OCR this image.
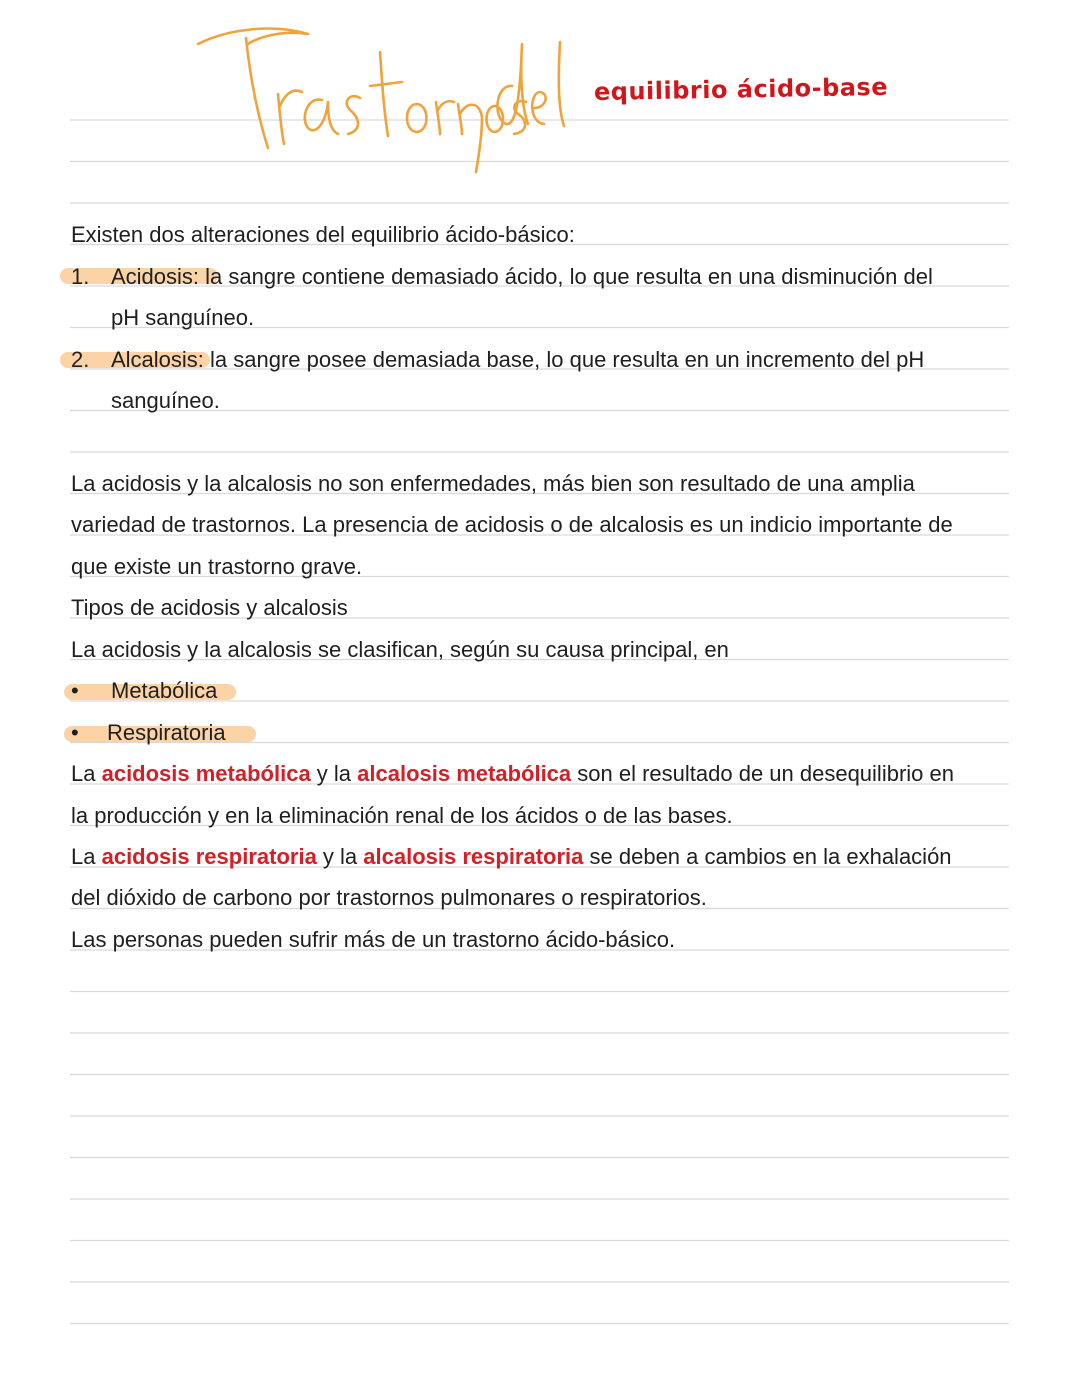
equilibrio ácido-base
Existen dos alteraciones del equilibrio ácido-básico:
1. Acidosis: la sangre contiene demasiado ácido, lo que resulta en una disminución del
pH sanguíneo.
2. Alcalosis: la sangre posee demasiada base, lo que resulta en un incremento del pH
sanguíneo.
La acidosis y la alcalosis no son enfermedades, más bien son resultado de una amplia
variedad de trastornos. La presencia de acidosis o de alcalosis es un indicio importante de
que existe un trastorno grave.
Tipos de acidosis y alcalosis
La acidosis y la alcalosis se clasifican, según su causa principal, en
• Metabólica
• Respiratoria
La acidosis metabólica y la alcalosis metabólica son el resultado de un desequilibrio en
la producción y en la eliminación renal de los ácidos o de las bases.
La acidosis respiratoria y la alcalosis respiratoria se deben a cambios en la exhalación
del dióxido de carbono por trastornos pulmonares o respiratorios.
Las personas pueden sufrir más de un trastorno ácido-básico.
